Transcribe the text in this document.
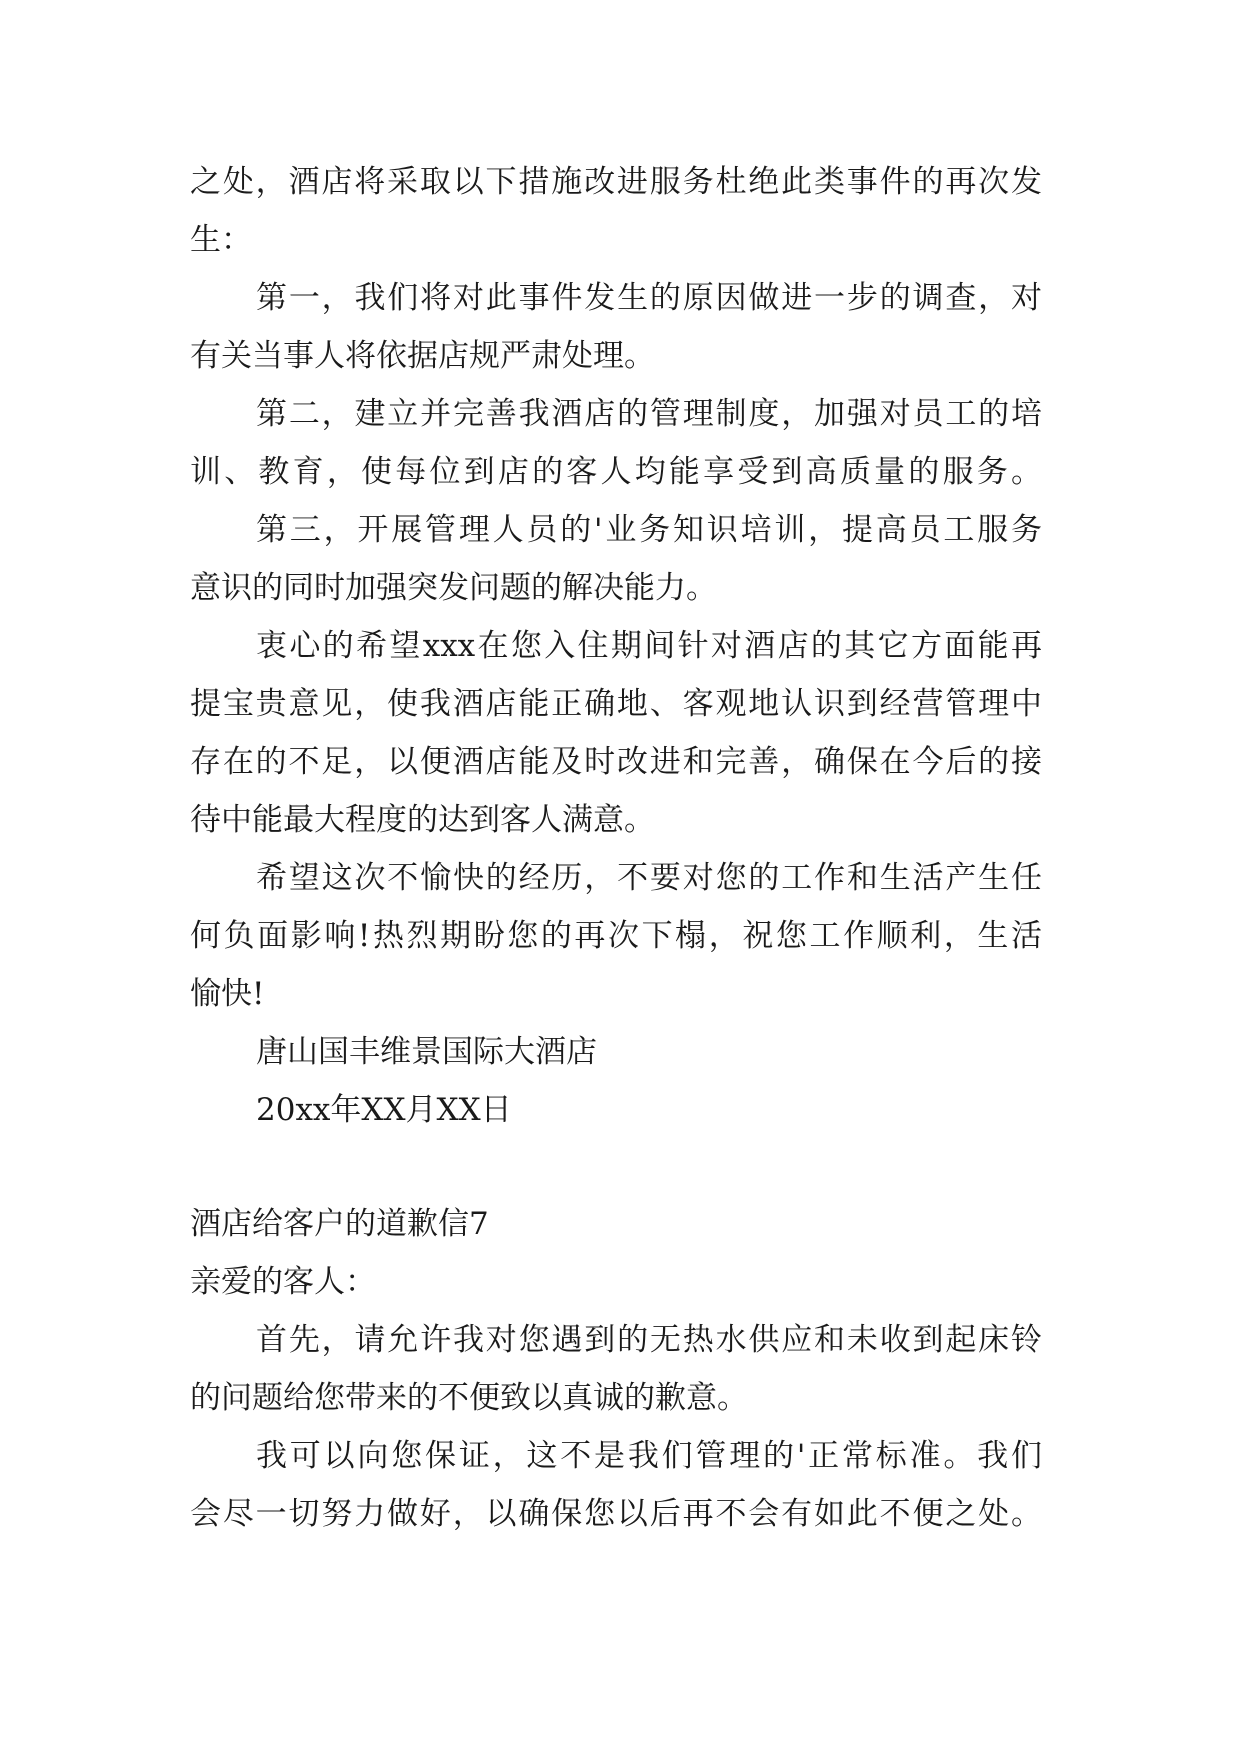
之处，酒店将采取以下措施改进服务杜绝此类事件的再次发
生：
第一，我们将对此事件发生的原因做进一步的调查，对
有关当事人将依据店规严肃处理。
第二，建立并完善我酒店的管理制度，加强对员工的培
训、教育，使每位到店的客人均能享受到高质量的服务。
第三，开展管理人员的'业务知识培训，提高员工服务
意识的同时加强突发问题的解决能力。
衷心的希望xxx在您入住期间针对酒店的其它方面能再
提宝贵意见，使我酒店能正确地、客观地认识到经营管理中
存在的不足，以便酒店能及时改进和完善，确保在今后的接
待中能最大程度的达到客人满意。
希望这次不愉快的经历，不要对您的工作和生活产生任
何负面影响!热烈期盼您的再次下榻，祝您工作顺利，生活
愉快!
唐山国丰维景国际大酒店
20xx年XX月XX日
酒店给客户的道歉信7
亲爱的客人：
首先，请允许我对您遇到的无热水供应和未收到起床铃
的问题给您带来的不便致以真诚的歉意。
我可以向您保证，这不是我们管理的'正常标准。我们
会尽一切努力做好，以确保您以后再不会有如此不便之处。
